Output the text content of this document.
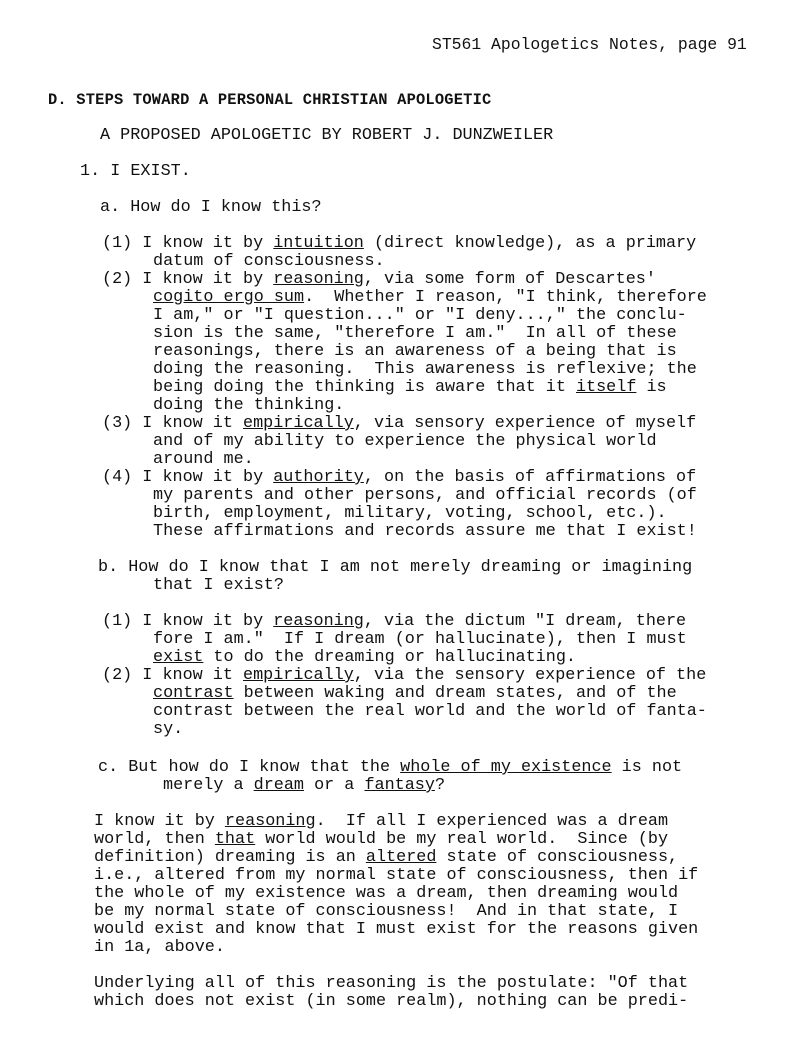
ST561 Apologetics Notes, page 91
D. STEPS TOWARD A PERSONAL CHRISTIAN APOLOGETIC
A PROPOSED APOLOGETIC BY ROBERT J. DUNZWEILER
1. I EXIST.
a. How do I know this?
(1) I know it by intuition (direct knowledge), as a primary
datum of consciousness.
(2) I know it by reasoning, via some form of Descartes'
cogito ergo sum.  Whether I reason, "I think, therefore
I am," or "I question..." or "I deny...," the conclu-
sion is the same, "therefore I am."  In all of these
reasonings, there is an awareness of a being that is
doing the reasoning.  This awareness is reflexive; the
being doing the thinking is aware that it itself is
doing the thinking.
(3) I know it empirically, via sensory experience of myself
and of my ability to experience the physical world
around me.
(4) I know it by authority, on the basis of affirmations of
my parents and other persons, and official records (of
birth, employment, military, voting, school, etc.).
These affirmations and records assure me that I exist!
b. How do I know that I am not merely dreaming or imagining
that I exist?
(1) I know it by reasoning, via the dictum "I dream, there
fore I am."  If I dream (or hallucinate), then I must
exist to do the dreaming or hallucinating.
(2) I know it empirically, via the sensory experience of the
contrast between waking and dream states, and of the
contrast between the real world and the world of fanta-
sy.
c. But how do I know that the whole of my existence is not
merely a dream or a fantasy?
I know it by reasoning.  If all I experienced was a dream
world, then that world would be my real world.  Since (by
definition) dreaming is an altered state of consciousness,
i.e., altered from my normal state of consciousness, then if
the whole of my existence was a dream, then dreaming would
be my normal state of consciousness!  And in that state, I
would exist and know that I must exist for the reasons given
in 1a, above.
Underlying all of this reasoning is the postulate: "Of that
which does not exist (in some realm), nothing can be predi-
